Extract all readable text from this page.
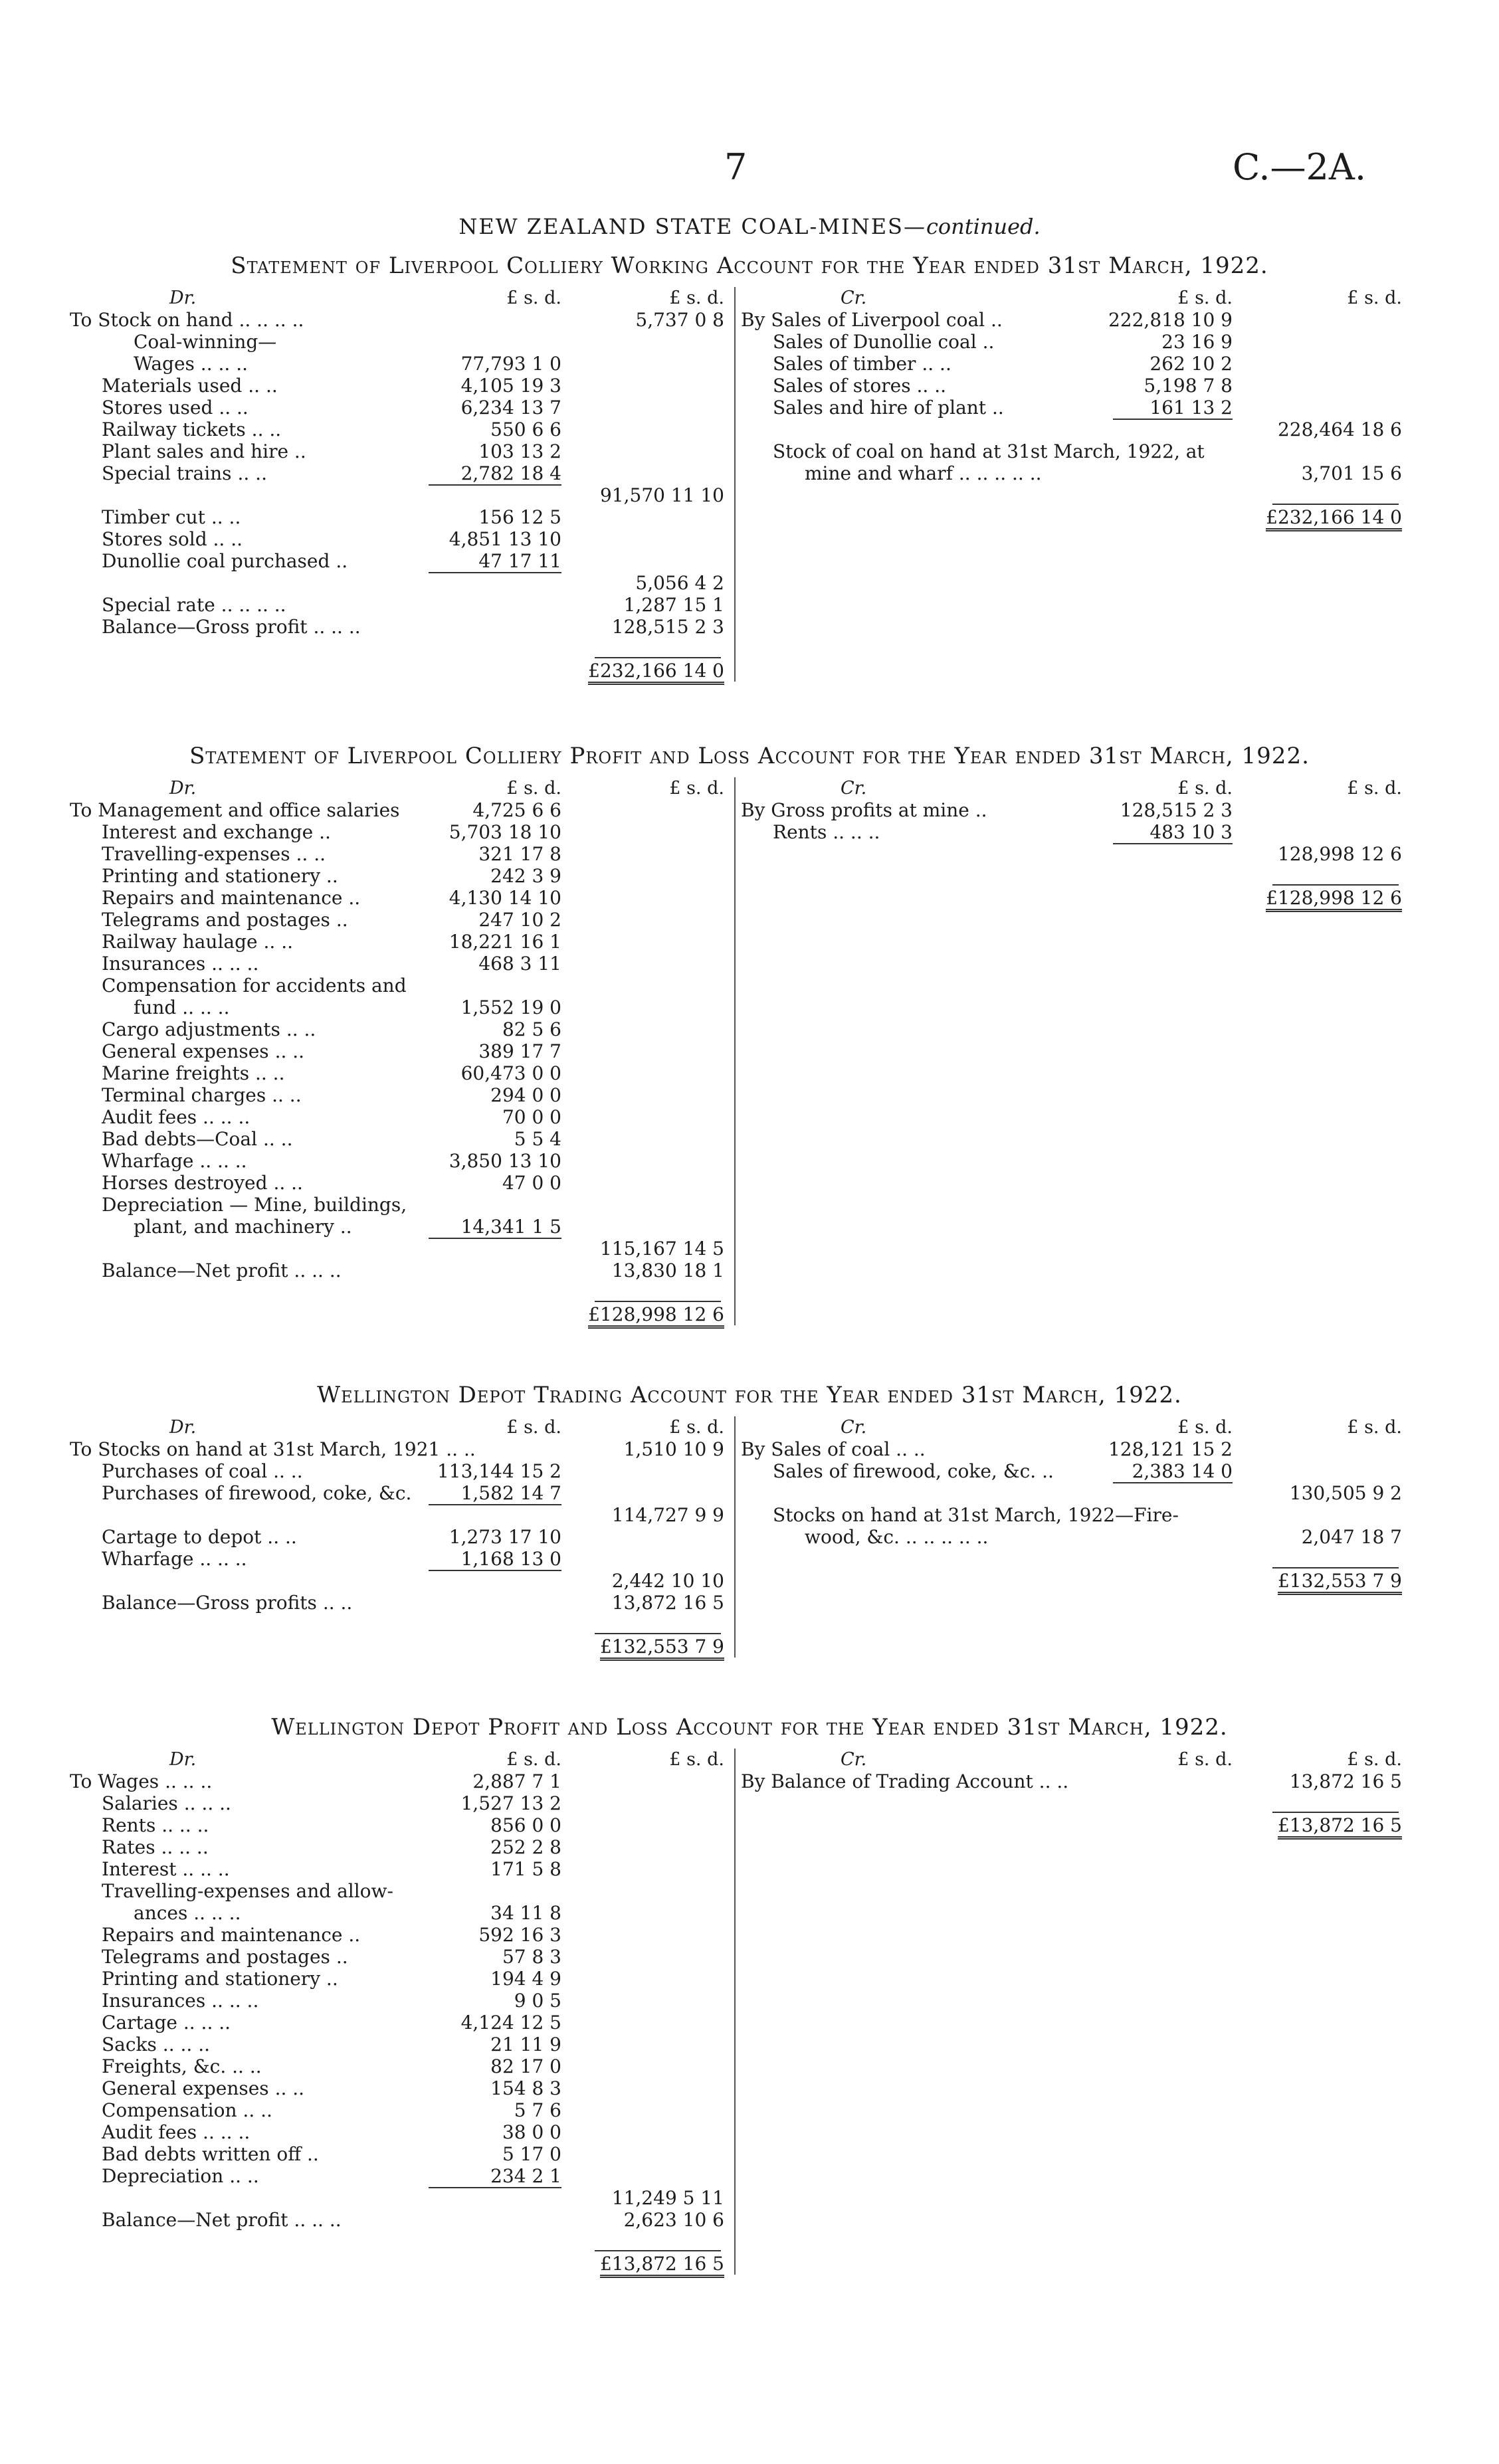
7	C.—2A.
NEW ZEALAND STATE COAL-MINES—continued.
Statement of Liverpool Colliery Working Account for the Year ended 31st March, 1922.
Dr.	£ s. d.	£ s. d.
To Stock on hand .. .. .. ..	5,737 0 8
Coal-winning—
Wages .. .. ..	77,793 1 0
Materials used .. ..	4,105 19 3
Stores used .. ..	6,234 13 7
Railway tickets .. ..	550 6 6
Plant sales and hire ..	103 13 2
Special trains .. ..	2,782 18 4
91,570 11 10
Timber cut .. ..	156 12 5
Stores sold .. ..	4,851 13 10
Dunollie coal purchased ..	47 17 11
5,056 4 2
Special rate .. .. .. ..	1,287 15 1
Balance—Gross profit .. .. ..	128,515 2 3
£232,166 14 0
Cr.	£ s. d.	£ s. d.
By Sales of Liverpool coal ..	222,818 10 9
Sales of Dunollie coal ..	23 16 9
Sales of timber .. ..	262 10 2
Sales of stores .. ..	5,198 7 8
Sales and hire of plant ..	161 13 2
228,464 18 6
Stock of coal on hand at 31st March, 1922, at
mine and wharf .. .. .. .. ..	3,701 15 6
£232,166 14 0
Statement of Liverpool Colliery Profit and Loss Account for the Year ended 31st March, 1922.
Dr.	£ s. d.	£ s. d.
To Management and office salaries	4,725 6 6
Interest and exchange ..	5,703 18 10
Travelling-expenses .. ..	321 17 8
Printing and stationery ..	242 3 9
Repairs and maintenance ..	4,130 14 10
Telegrams and postages ..	247 10 2
Railway haulage .. ..	18,221 16 1
Insurances .. .. ..	468 3 11
Compensation for accidents and
fund .. .. ..	1,552 19 0
Cargo adjustments .. ..	82 5 6
General expenses .. ..	389 17 7
Marine freights .. ..	60,473 0 0
Terminal charges .. ..	294 0 0
Audit fees .. .. ..	70 0 0
Bad debts—Coal .. ..	5 5 4
Wharfage .. .. ..	3,850 13 10
Horses destroyed .. ..	47 0 0
Depreciation — Mine, buildings,
plant, and machinery ..	14,341 1 5
115,167 14 5
Balance—Net profit .. .. ..	13,830 18 1
£128,998 12 6
Cr.	£ s. d.	£ s. d.
By Gross profits at mine ..	128,515 2 3
Rents .. .. ..	483 10 3
128,998 12 6
£128,998 12 6
Wellington Depot Trading Account for the Year ended 31st March, 1922.
Dr.	£ s. d.	£ s. d.
To Stocks on hand at 31st March, 1921 .. ..	1,510 10 9
Purchases of coal .. ..	113,144 15 2
Purchases of firewood, coke, &c.	1,582 14 7
114,727 9 9
Cartage to depot .. ..	1,273 17 10
Wharfage .. .. ..	1,168 13 0
2,442 10 10
Balance—Gross profits .. ..	13,872 16 5
£132,553 7 9
Cr.	£ s. d.	£ s. d.
By Sales of coal .. ..	128,121 15 2
Sales of firewood, coke, &c. ..	2,383 14 0
130,505 9 2
Stocks on hand at 31st March, 1922—Fire-
wood, &c. .. .. .. .. ..	2,047 18 7
£132,553 7 9
Wellington Depot Profit and Loss Account for the Year ended 31st March, 1922.
Dr.	£ s. d.	£ s. d.
To Wages .. .. ..	2,887 7 1
Salaries .. .. ..	1,527 13 2
Rents .. .. ..	856 0 0
Rates .. .. ..	252 2 8
Interest .. .. ..	171 5 8
Travelling-expenses and allow-
ances .. .. ..	34 11 8
Repairs and maintenance ..	592 16 3
Telegrams and postages ..	57 8 3
Printing and stationery ..	194 4 9
Insurances .. .. ..	9 0 5
Cartage .. .. ..	4,124 12 5
Sacks .. .. ..	21 11 9
Freights, &c. .. ..	82 17 0
General expenses .. ..	154 8 3
Compensation .. ..	5 7 6
Audit fees .. .. ..	38 0 0
Bad debts written off ..	5 17 0
Depreciation .. ..	234 2 1
11,249 5 11
Balance—Net profit .. .. ..	2,623 10 6
£13,872 16 5
Cr.	£ s. d.	£ s. d.
By Balance of Trading Account .. ..	13,872 16 5
£13,872 16 5
